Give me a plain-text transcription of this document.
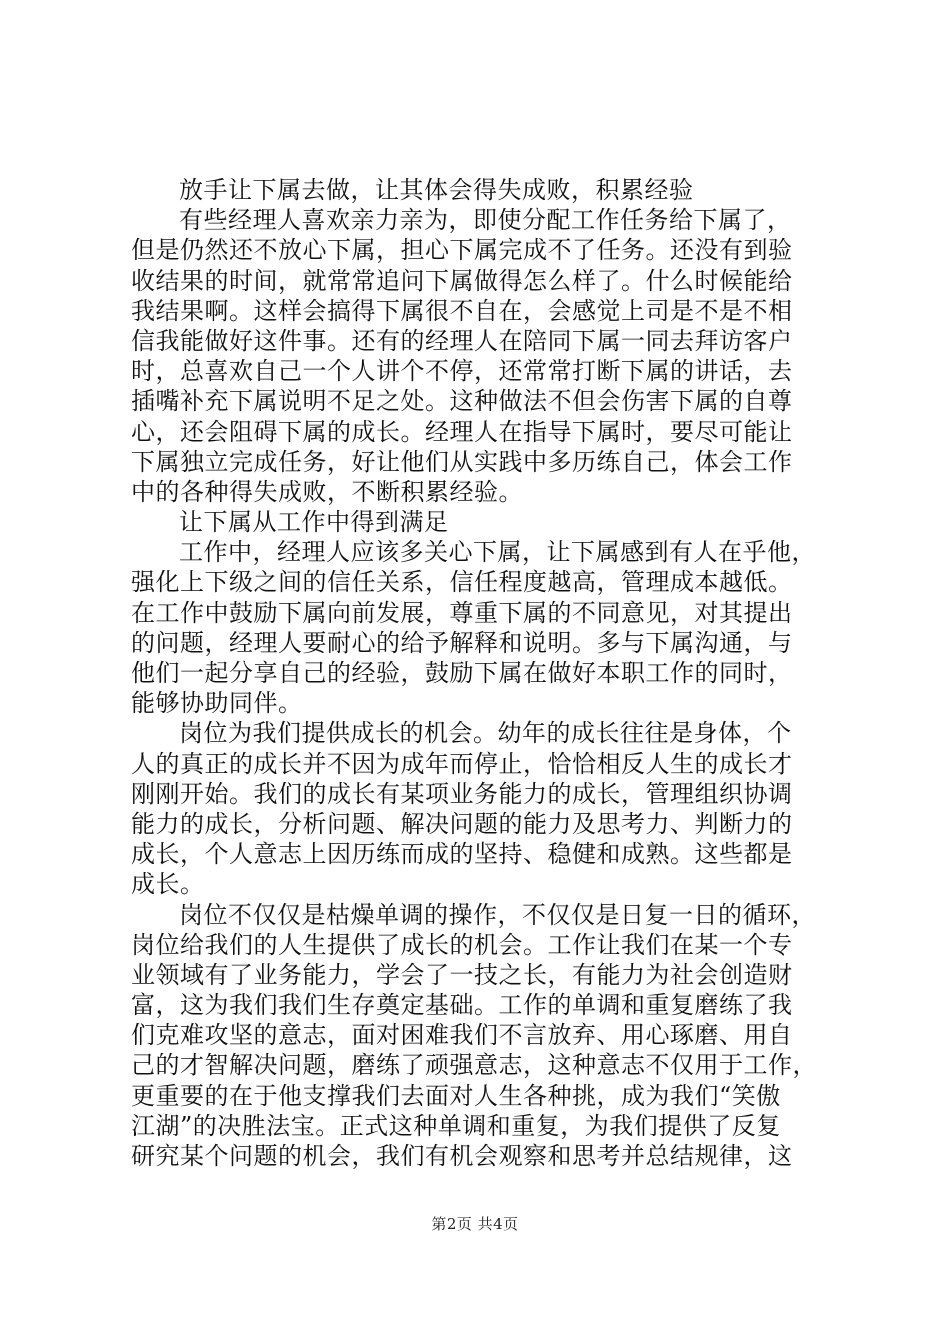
放手让下属去做，让其体会得失成败，积累经验
有些经理人喜欢亲力亲为，即使分配工作任务给下属了，
但是仍然还不放心下属，担心下属完成不了任务。还没有到验
收结果的时间，就常常追问下属做得怎么样了。什么时候能给
我结果啊。这样会搞得下属很不自在，会感觉上司是不是不相
信我能做好这件事。还有的经理人在陪同下属一同去拜访客户
时，总喜欢自己一个人讲个不停，还常常打断下属的讲话，去
插嘴补充下属说明不足之处。这种做法不但会伤害下属的自尊
心，还会阻碍下属的成长。经理人在指导下属时，要尽可能让
下属独立完成任务，好让他们从实践中多历练自己，体会工作
中的各种得失成败，不断积累经验。
让下属从工作中得到满足
工作中，经理人应该多关心下属，让下属感到有人在乎他，
强化上下级之间的信任关系，信任程度越高，管理成本越低。
在工作中鼓励下属向前发展，尊重下属的不同意见，对其提出
的问题，经理人要耐心的给予解释和说明。多与下属沟通，与
他们一起分享自己的经验，鼓励下属在做好本职工作的同时，
能够协助同伴。
岗位为我们提供成长的机会。幼年的成长往往是身体，个
人的真正的成长并不因为成年而停止，恰恰相反人生的成长才
刚刚开始。我们的成长有某项业务能力的成长，管理组织协调
能力的成长，分析问题、解决问题的能力及思考力、判断力的
成长，个人意志上因历练而成的坚持、稳健和成熟。这些都是
成长。
岗位不仅仅是枯燥单调的操作，不仅仅是日复一日的循环，
岗位给我们的人生提供了成长的机会。工作让我们在某一个专
业领域有了业务能力，学会了一技之长，有能力为社会创造财
富，这为我们我们生存奠定基础。工作的单调和重复磨练了我
们克难攻坚的意志，面对困难我们不言放弃、用心琢磨、用自
己的才智解决问题，磨练了顽强意志，这种意志不仅用于工作，
更重要的在于他支撑我们去面对人生各种挑，成为我们“笑傲
江湖”的决胜法宝。正式这种单调和重复，为我们提供了反复
研究某个问题的机会，我们有机会观察和思考并总结规律，这
第2页 共4页
